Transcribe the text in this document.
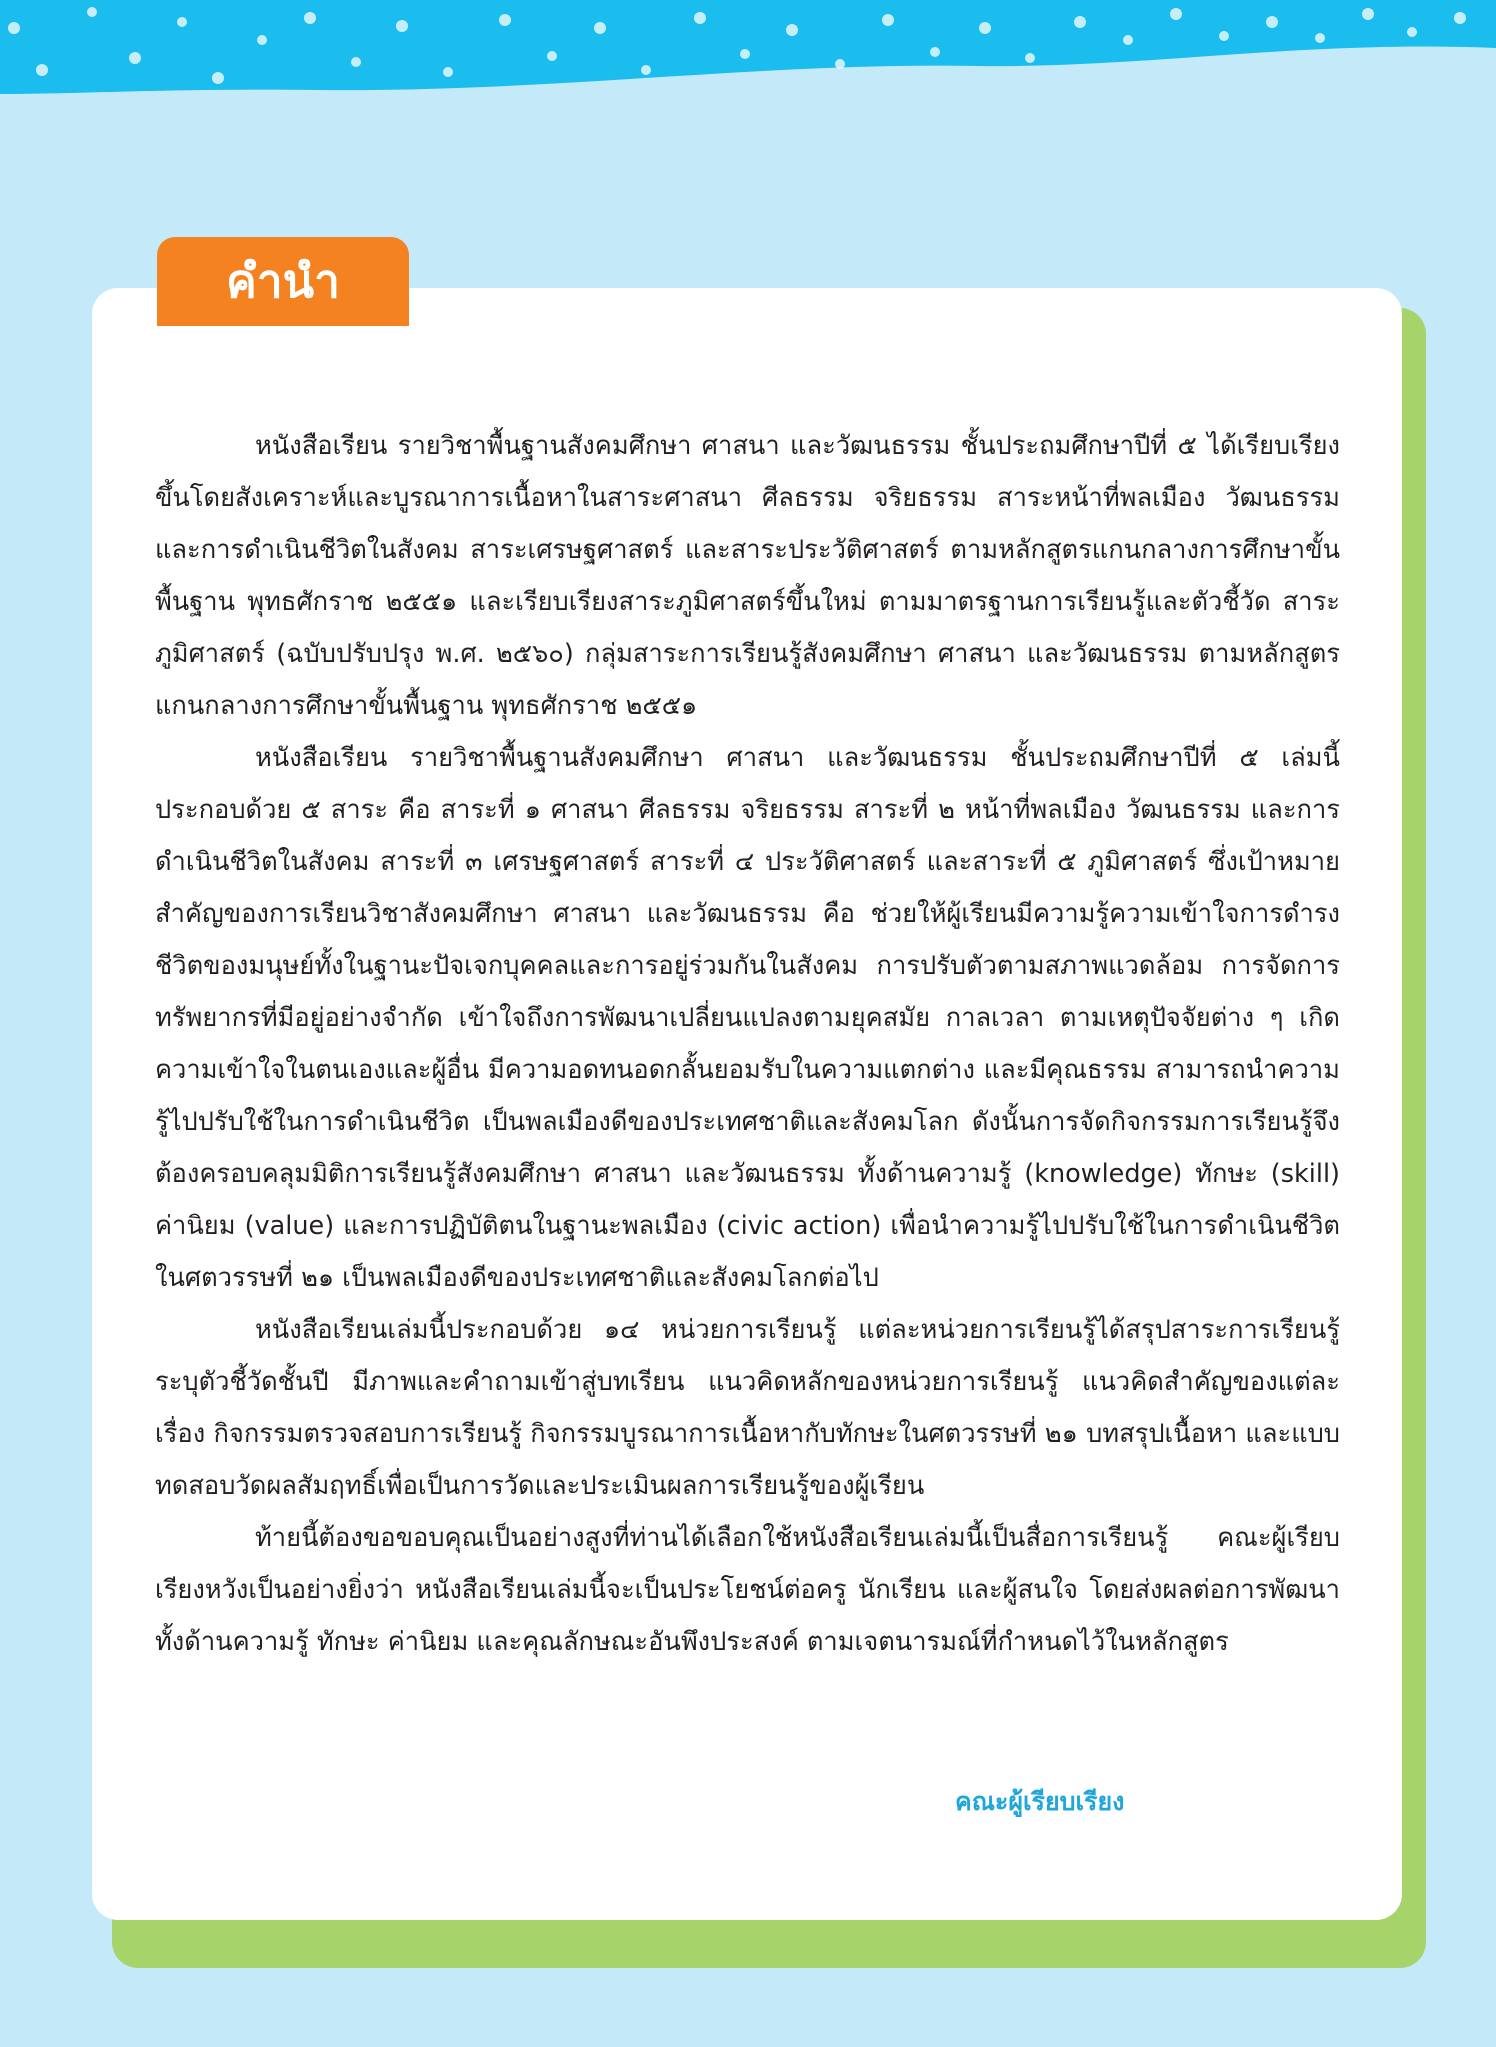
คำนำ

หนังสือเรียน รายวิชาพื้นฐานสังคมศึกษา ศาสนา และวัฒนธรรม ชั้นประถมศึกษาปีที่ ๕ ได้เรียบเรียงขึ้นโดยสังเคราะห์และบูรณาการเนื้อหาในสาระศาสนา ศีลธรรม จริยธรรม สาระหน้าที่พลเมือง วัฒนธรรม และการดำเนินชีวิตในสังคม สาระเศรษฐศาสตร์ และสาระประวัติศาสตร์ ตามหลักสูตรแกนกลางการศึกษาขั้นพื้นฐาน พุทธศักราช ๒๕๕๑ และเรียบเรียงสาระภูมิศาสตร์ขึ้นใหม่ ตามมาตรฐานการเรียนรู้และตัวชี้วัด สาระภูมิศาสตร์ (ฉบับปรับปรุง พ.ศ. ๒๕๖๐) กลุ่มสาระการเรียนรู้สังคมศึกษา ศาสนา และวัฒนธรรม ตามหลักสูตรแกนกลางการศึกษาขั้นพื้นฐาน พุทธศักราช ๒๕๕๑

หนังสือเรียน รายวิชาพื้นฐานสังคมศึกษา ศาสนา และวัฒนธรรม ชั้นประถมศึกษาปีที่ ๕ เล่มนี้ประกอบด้วย ๕ สาระ คือ สาระที่ ๑ ศาสนา ศีลธรรม จริยธรรม สาระที่ ๒ หน้าที่พลเมือง วัฒนธรรม และการดำเนินชีวิตในสังคม สาระที่ ๓ เศรษฐศาสตร์ สาระที่ ๔ ประวัติศาสตร์ และสาระที่ ๕ ภูมิศาสตร์ ซึ่งเป้าหมายสำคัญของการเรียนวิชาสังคมศึกษา ศาสนา และวัฒนธรรม คือ ช่วยให้ผู้เรียนมีความรู้ความเข้าใจการดำรงชีวิตของมนุษย์ทั้งในฐานะปัจเจกบุคคลและการอยู่ร่วมกันในสังคม การปรับตัวตามสภาพแวดล้อม การจัดการทรัพยากรที่มีอยู่อย่างจำกัด เข้าใจถึงการพัฒนาเปลี่ยนแปลงตามยุคสมัย กาลเวลา ตามเหตุปัจจัยต่าง ๆ เกิดความเข้าใจในตนเองและผู้อื่น มีความอดทนอดกลั้นยอมรับในความแตกต่าง และมีคุณธรรม สามารถนำความรู้ไปปรับใช้ในการดำเนินชีวิต เป็นพลเมืองดีของประเทศชาติและสังคมโลก ดังนั้นการจัดกิจกรรมการเรียนรู้จึงต้องครอบคลุมมิติการเรียนรู้สังคมศึกษา ศาสนา และวัฒนธรรม ทั้งด้านความรู้ (knowledge) ทักษะ (skill) ค่านิยม (value) และการปฏิบัติตนในฐานะพลเมือง (civic action) เพื่อนำความรู้ไปปรับใช้ในการดำเนินชีวิตในศตวรรษที่ ๒๑ เป็นพลเมืองดีของประเทศชาติและสังคมโลกต่อไป

หนังสือเรียนเล่มนี้ประกอบด้วย ๑๔ หน่วยการเรียนรู้ แต่ละหน่วยการเรียนรู้ได้สรุปสาระการเรียนรู้ ระบุตัวชี้วัดชั้นปี มีภาพและคำถามเข้าสู่บทเรียน แนวคิดหลักของหน่วยการเรียนรู้ แนวคิดสำคัญของแต่ละเรื่อง กิจกรรมตรวจสอบการเรียนรู้ กิจกรรมบูรณาการเนื้อหากับทักษะในศตวรรษที่ ๒๑ บทสรุปเนื้อหา และแบบทดสอบวัดผลสัมฤทธิ์เพื่อเป็นการวัดและประเมินผลการเรียนรู้ของผู้เรียน

ท้ายนี้ต้องขอขอบคุณเป็นอย่างสูงที่ท่านได้เลือกใช้หนังสือเรียนเล่มนี้เป็นสื่อการเรียนรู้ คณะผู้เรียบเรียงหวังเป็นอย่างยิ่งว่า หนังสือเรียนเล่มนี้จะเป็นประโยชน์ต่อครู นักเรียน และผู้สนใจ โดยส่งผลต่อการพัฒนา ทั้งด้านความรู้ ทักษะ ค่านิยม และคุณลักษณะอันพึงประสงค์ ตามเจตนารมณ์ที่กำหนดไว้ในหลักสูตร

คณะผู้เรียบเรียง
